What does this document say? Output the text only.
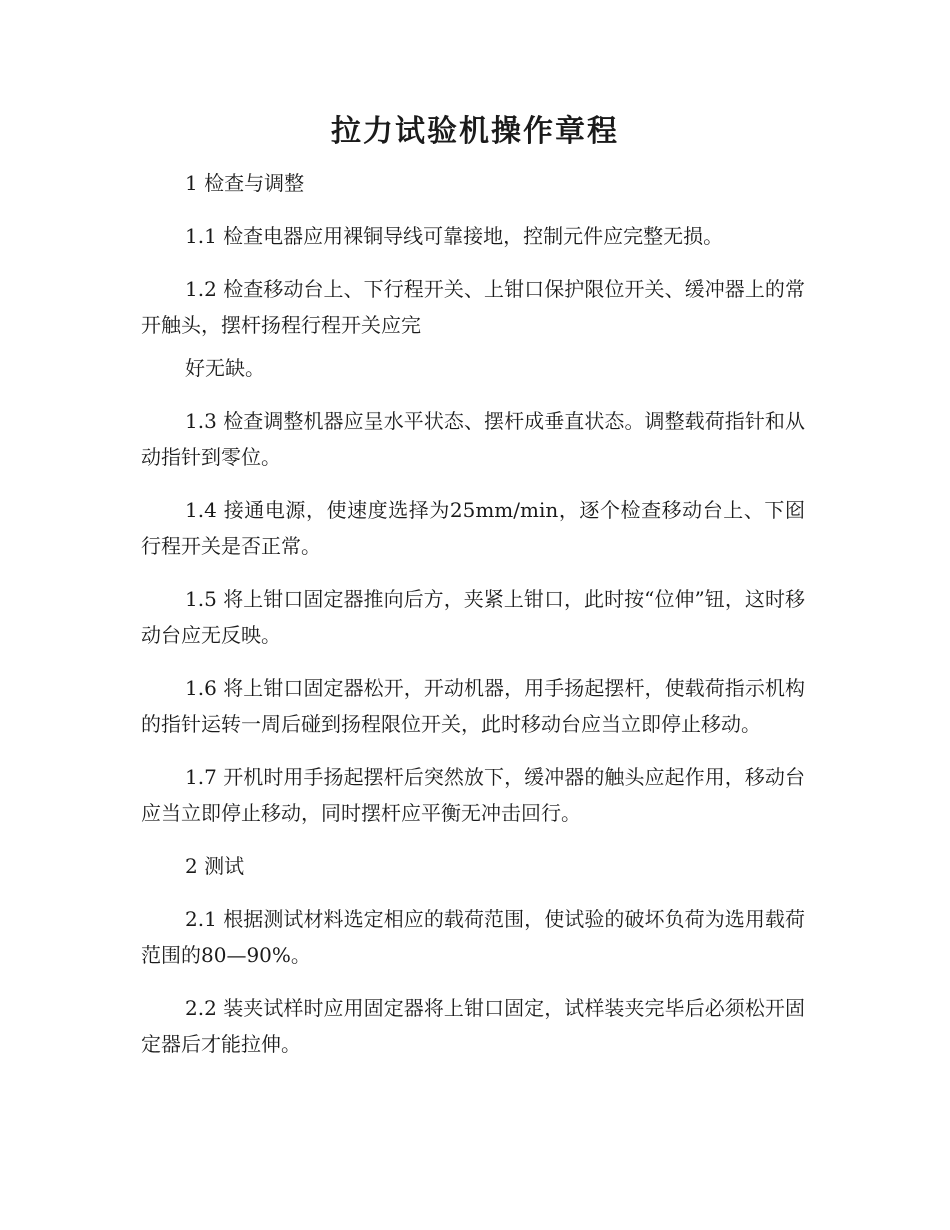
拉力试验机操作章程

1 检查与调整

1.1 检查电器应用裸铜导线可靠接地，控制元件应完整无损。

1.2 检查移动台上、下行程开关、上钳口保护限位开关、缓冲器上的常开触头，摆杆扬程行程开关应完

好无缺。

1.3 检查调整机器应呈水平状态、摆杆成垂直状态。调整载荷指针和从动指针到零位。

1.4 接通电源，使速度选择为25mm/min，逐个检查移动台上、下囵行程开关是否正常。

1.5 将上钳口固定器推向后方，夹紧上钳口，此时按“位伸”钮，这时移动台应无反映。

1.6 将上钳口固定器松开，开动机器，用手扬起摆杆，使载荷指示机构的指针运转一周后碰到扬程限位开关，此时移动台应当立即停止移动。

1.7 开机时用手扬起摆杆后突然放下，缓冲器的触头应起作用，移动台应当立即停止移动，同时摆杆应平衡无冲击回行。

2 测试

2.1 根据测试材料选定相应的载荷范围，使试验的破坏负荷为选用载荷范围的80—90%。

2.2 装夹试样时应用固定器将上钳口固定，试样装夹完毕后必须松开固定器后才能拉伸。
